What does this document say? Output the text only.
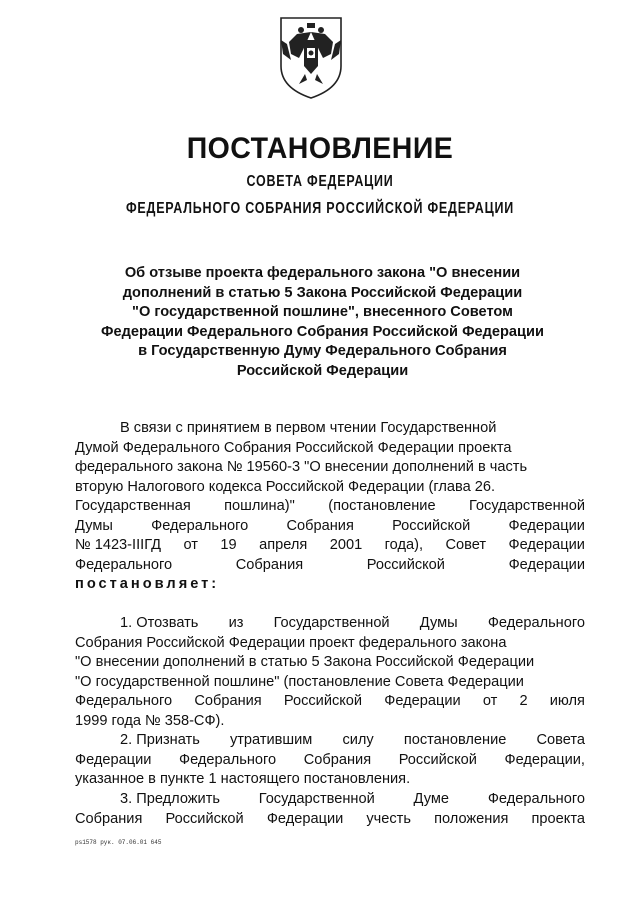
ПОСТАНОВЛЕНИЕ
СОВЕТА ФЕДЕРАЦИИ
ФЕДЕРАЛЬНОГО СОБРАНИЯ РОССИЙСКОЙ ФЕДЕРАЦИИ
Об отзыве проекта федерального закона "О внесении
дополнений в статью 5 Закона Российской Федерации
"О государственной пошлине", внесенного Советом
Федерации Федерального Собрания Российской Федерации
в Государственную Думу Федерального Собрания
Российской Федерации
В связи с принятием в первом чтении Государственной
Думой Федерального Собрания Российской Федерации проекта
федерального закона № 19560-3 "О внесении дополнений в часть
вторую Налогового кодекса Российской Федерации (глава 26.
Государственная пошлина)" (постановление Государственной
Думы	Федерального	Собрания	Российской	Федерации
№ 1423-IIIГД от 19 апреля 2001 года), Совет Федерации
Федерального	Собрания	Российской	Федерации
постановляет:
1. Отозвать из Государственной Думы Федерального
Собрания Российской Федерации проект федерального закона
"О внесении дополнений в статью 5 Закона Российской Федерации
"О государственной пошлине" (постановление Совета Федерации
Федерального Собрания Российской Федерации от 2 июля
1999 года № 358-СФ).
2. Признать утратившим силу постановление Совета
Федерации Федерального Собрания Российской Федерации,
указанное в пункте 1 настоящего постановления.
3. Предложить	Государственной	Думе	Федерального
Собрания Российской Федерации учесть положения проекта
ps1578 рук. 07.06.01 645
